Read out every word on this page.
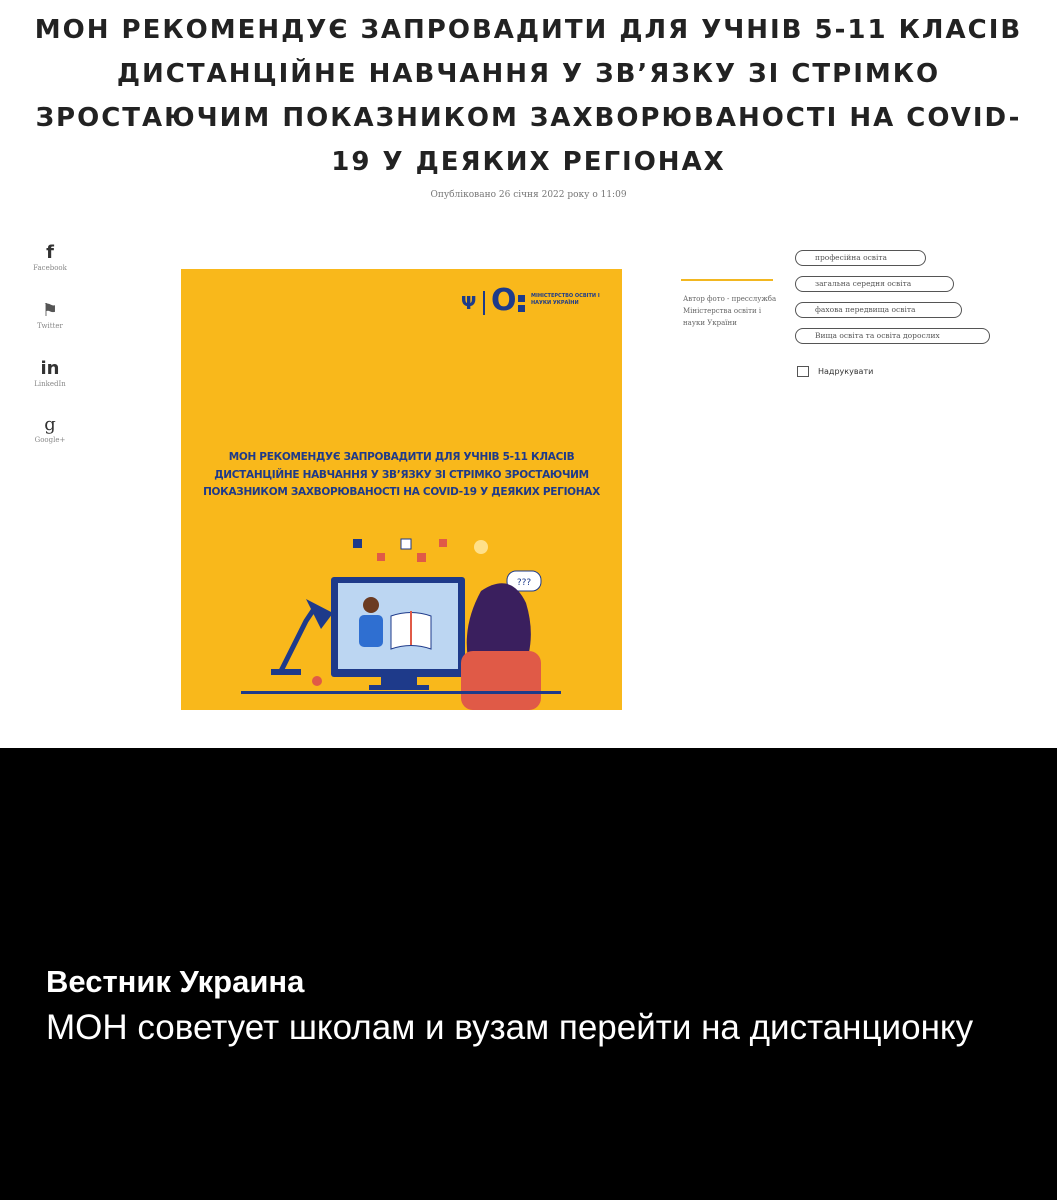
МОН РЕКОМЕНДУЄ ЗАПРОВАДИТИ ДЛЯ УЧНІВ 5-11 КЛАСІВ ДИСТАНЦІЙНЕ НАВЧАННЯ У ЗВ’ЯЗКУ ЗІ СТРІМКО ЗРОСТАЮЧИМ ПОКАЗНИКОМ ЗАХВОРЮВАНОСТІ НА COVID-19 У ДЕЯКИХ РЕГІОНАХ
Опубліковано 26 січня 2022 року о 11:09
f
Facebook
⚑
Twitter
in
LinkedIn
g
Google+
Ψ O	МІНІСТЕРСТВО ОСВІТИ І НАУКИ УКРАЇНИ
МОН РЕКОМЕНДУЄ ЗАПРОВАДИТИ ДЛЯ УЧНІВ 5-11 КЛАСІВ ДИСТАНЦІЙНЕ НАВЧАННЯ У ЗВ’ЯЗКУ ЗІ СТРІМКО ЗРОСТАЮЧИМ ПОКАЗНИКОМ ЗАХВОРЮВАНОСТІ НА COVID-19 У ДЕЯКИХ РЕГІОНАХ
???
Автор фото - пресслужба Міністерства освіти і науки України
професійна освіта
загальна середня освіта
фахова передвища освіта
Вища освіта та освіта дорослих
Надрукувати
Вестник Украина
МОН советует школам и вузам перейти на дистанционку
